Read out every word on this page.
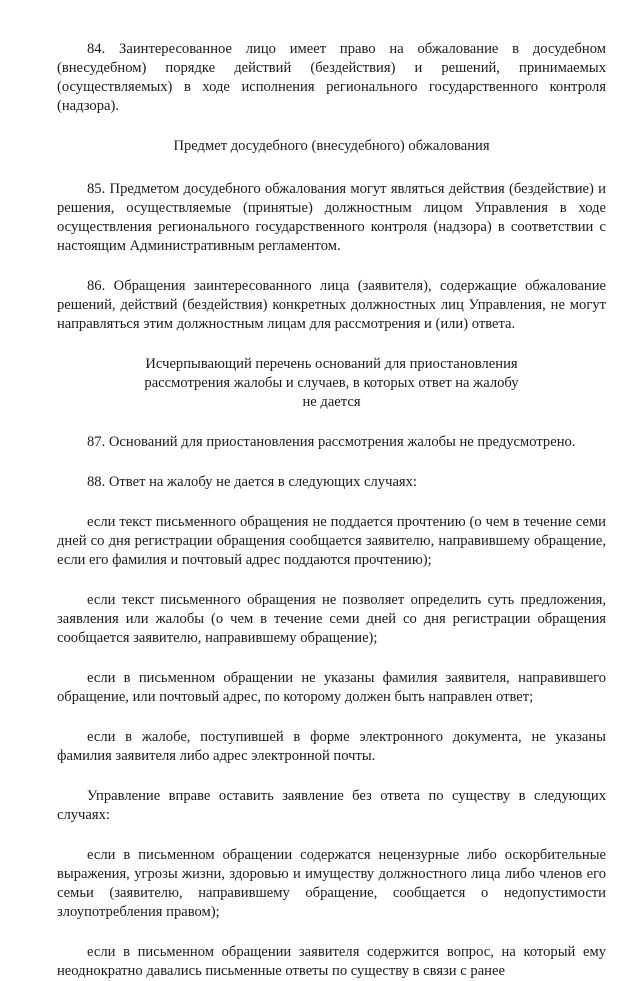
84. Заинтересованное лицо имеет право на обжалование в досудебном (внесудебном) порядке действий (бездействия) и решений, принимаемых (осуществляемых) в ходе исполнения регионального государственного контроля (надзора).

Предмет досудебного (внесудебного) обжалования

85. Предметом досудебного обжалования могут являться действия (бездействие) и решения, осуществляемые (принятые) должностным лицом Управления в ходе осуществления регионального государственного контроля (надзора) в соответствии с настоящим Административным регламентом.

86. Обращения заинтересованного лица (заявителя), содержащие обжалование решений, действий (бездействия) конкретных должностных лиц Управления, не могут направляться этим должностным лицам для рассмотрения и (или) ответа.

Исчерпывающий перечень оснований для приостановления
рассмотрения жалобы и случаев, в которых ответ на жалобу
не дается

87. Оснований для приостановления рассмотрения жалобы не предусмотрено.

88. Ответ на жалобу не дается в следующих случаях:

если текст письменного обращения не поддается прочтению (о чем в течение семи дней со дня регистрации обращения сообщается заявителю, направившему обращение, если его фамилия и почтовый адрес поддаются прочтению);

если текст письменного обращения не позволяет определить суть предложения, заявления или жалобы (о чем в течение семи дней со дня регистрации обращения сообщается заявителю, направившему обращение);

если в письменном обращении не указаны фамилия заявителя, направившего обращение, или почтовый адрес, по которому должен быть направлен ответ;

если в жалобе, поступившей в форме электронного документа, не указаны фамилия заявителя либо адрес электронной почты.

Управление вправе оставить заявление без ответа по существу в следующих случаях:

если в письменном обращении содержатся нецензурные либо оскорбительные выражения, угрозы жизни, здоровью и имуществу должностного лица либо членов его семьи (заявителю, направившему обращение, сообщается о недопустимости злоупотребления правом);

если в письменном обращении заявителя содержится вопрос, на который ему неоднократно давались письменные ответы по существу в связи с ранее
